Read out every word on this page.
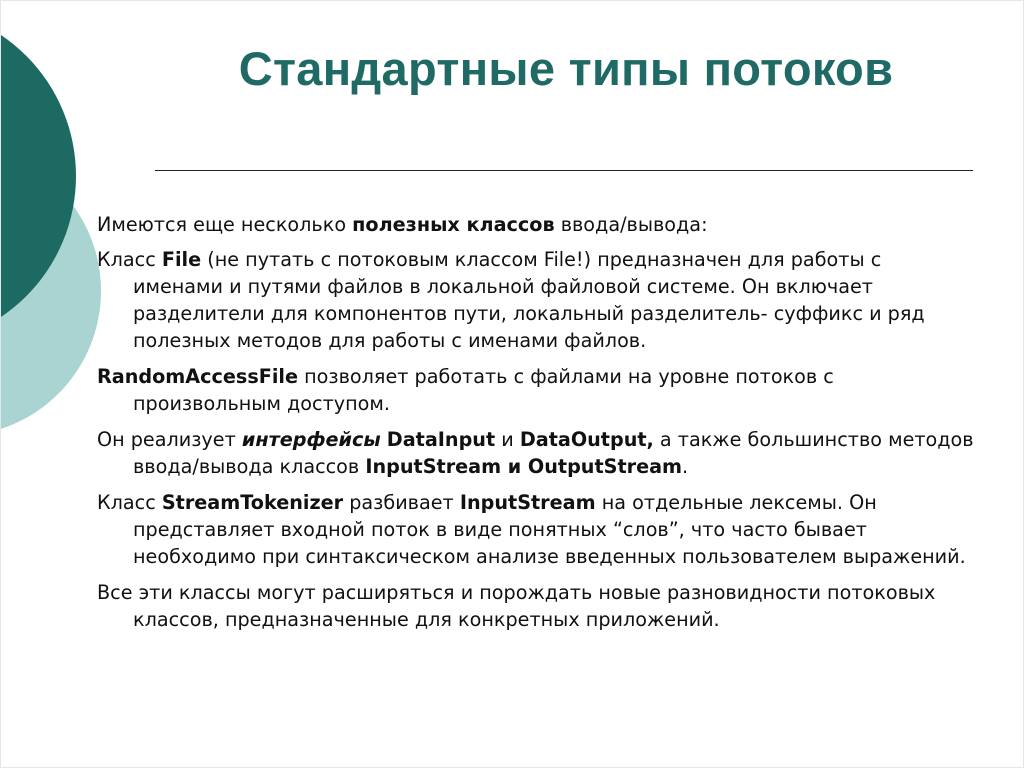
Стандартные типы потоков

Имеются еще несколько полезных классов ввода/вывода:

Класс File (не путать с потоковым классом File!) предназначен для работы с именами и путями файлов в локальной файловой системе. Он включает разделители для компонентов пути, локальный разделитель- суффикс и ряд полезных методов для работы с именами файлов.

RandomAccessFile позволяет работать с файлами на уровне потоков с произвольным доступом.

Он реализует интерфейсы DataInput и DataOutput, а также большинство методов ввода/вывода классов InputStream и OutputStream.

Класс StreamTokenizer разбивает InputStream на отдельные лексемы. Он представляет входной поток в виде понятных “слов”, что часто бывает необходимо при синтаксическом анализе введенных пользователем выражений.

Все эти классы могут расширяться и порождать новые разновидности потоковых классов, предназначенные для конкретных приложений.
